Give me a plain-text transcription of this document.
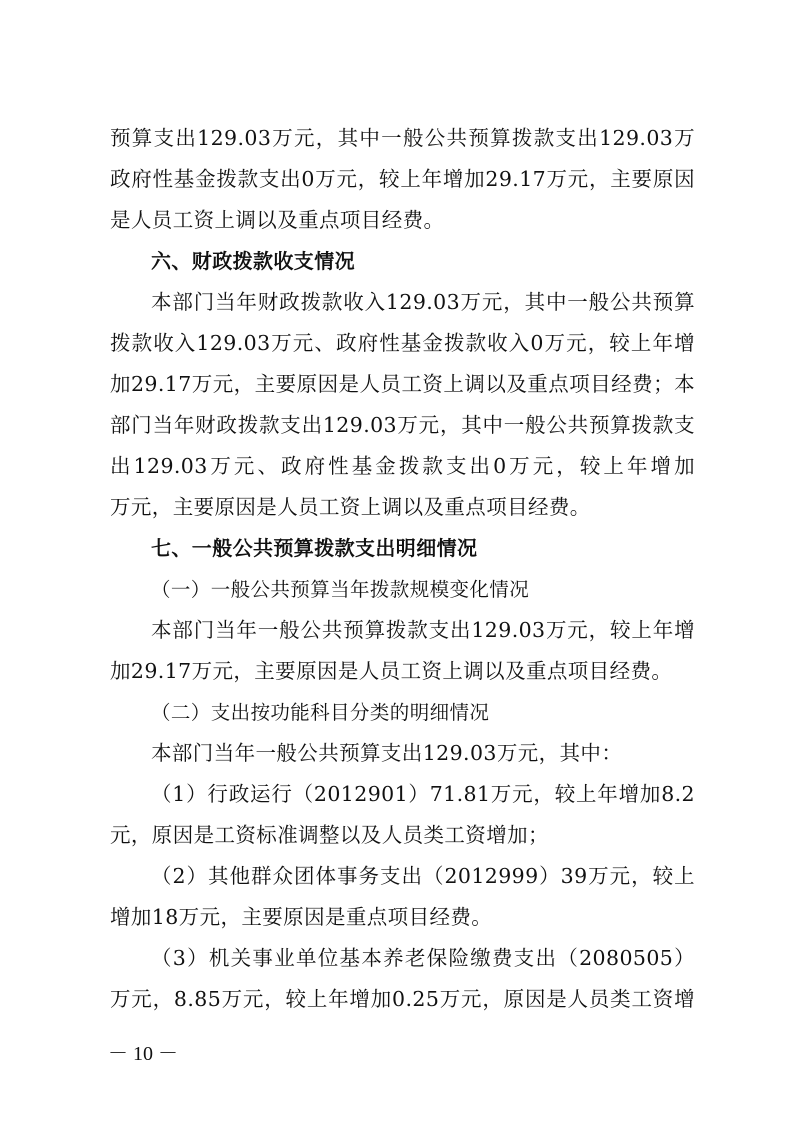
预算支出129.03万元，其中一般公共预算拨款支出129.03万
政府性基金拨款支出0万元，较上年增加29.17万元，主要原因
是人员工资上调以及重点项目经费。
六、财政拨款收支情况
本部门当年财政拨款收入129.03万元，其中一般公共预算
拨款收入129.03万元、政府性基金拨款收入0万元，较上年增
加29.17万元，主要原因是人员工资上调以及重点项目经费；本
部门当年财政拨款支出129.03万元，其中一般公共预算拨款支
出129.03万元、政府性基金拨款支出0万元，较上年增加
万元，主要原因是人员工资上调以及重点项目经费。
七、一般公共预算拨款支出明细情况
（一）一般公共预算当年拨款规模变化情况
本部门当年一般公共预算拨款支出129.03万元，较上年增
加29.17万元，主要原因是人员工资上调以及重点项目经费。
（二）支出按功能科目分类的明细情况
本部门当年一般公共预算支出129.03万元，其中：
（1）行政运行（2012901）71.81万元，较上年增加8.2
元，原因是工资标准调整以及人员类工资增加；
（2）其他群众团体事务支出（2012999）39万元，较上
增加18万元，主要原因是重点项目经费。
（3）机关事业单位基本养老保险缴费支出（2080505）
万元，8.85万元，较上年增加0.25万元，原因是人员类工资增
－ 10 －
